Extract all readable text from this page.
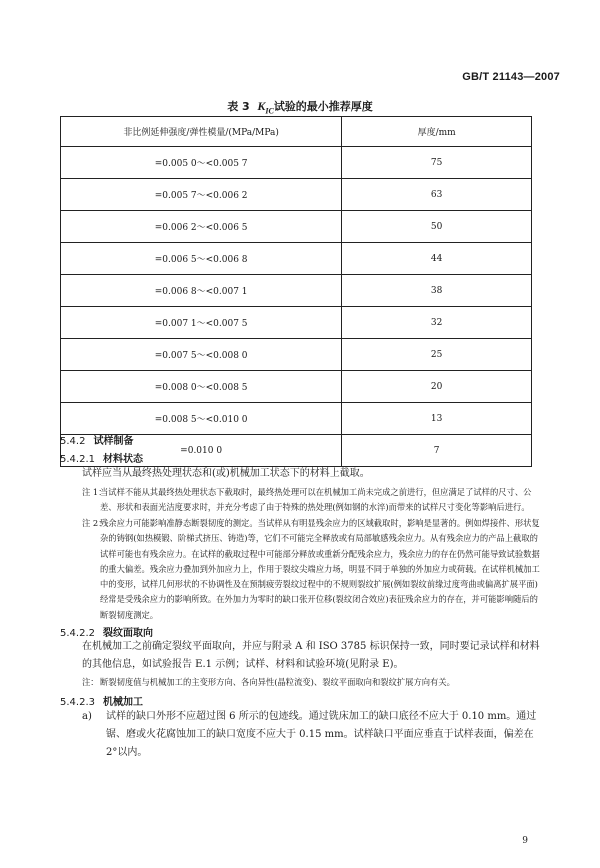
GB/T 21143—2007
表 3 $K_{IC}$试验的最小推荐厚度
非比例延伸强度/弹性模量/(MPa/MPa)	厚度/mm
=0.005 0～<0.005 7	75
=0.005 7～<0.006 2	63
=0.006 2～<0.006 5	50
=0.006 5～<0.006 8	44
=0.006 8～<0.007 1	38
=0.007 1～<0.007 5	32
=0.007 5～<0.008 0	25
=0.008 0～<0.008 5	20
=0.008 5～<0.010 0	13
=0.010 0	7
5.4.2 试样制备
5.4.2.1 材料状态
试样应当从最终热处理状态和(或)机械加工状态下的材料上截取。
注 1：
当试样不能从其最终热处理状态下截取时，最终热处理可以在机械加工尚未完成之前进行，但应满足了试样的尺寸、公差、形状和表面光洁度要求时，并充分考虑了由于特殊的热处理(例如钢的水淬)而带来的试样尺寸变化等影响后进行。
注 2：
残余应力可能影响准静态断裂韧度的测定。当试样从有明显残余应力的区域截取时，影响是显著的。例如焊接件、形状复杂的铸钢(如热模锻、阶梯式挤压、铸造)等，它们不可能完全释放或有局部敏感残余应力。从有残余应力的产品上截取的试样可能也有残余应力。在试样的截取过程中可能部分释放或重新分配残余应力，残余应力的存在仍然可能导致试验数据的重大偏差。残余应力叠加到外加应力上，作用于裂纹尖端应力场，明显不同于单独的外加应力或荷载。在试样机械加工中的变形，试样几何形状的不协调性及在预制疲劳裂纹过程中的不规则裂纹扩展(例如裂纹前缘过度弯曲或偏离扩展平面)经常是受残余应力的影响所致。在外加力为零时的缺口张开位移(裂纹闭合效应)表征残余应力的存在，并可能影响随后的断裂韧度测定。
5.4.2.2 裂纹面取向
在机械加工之前确定裂纹平面取向，并应与附录 A 和 ISO 3785 标识保持一致，同时要记录试样和材料的其他信息，如试验报告 E.1 示例；试样、材料和试验环境(见附录 E)。
注： 断裂韧度值与机械加工的主变形方向、各向异性(晶粒流变)、裂纹平面取向和裂纹扩展方向有关。
5.4.2.3 机械加工
a)	试样的缺口外形不应超过图 6 所示的包迹线。通过铣床加工的缺口底径不应大于 0.10 mm。通过锯、磨或火花腐蚀加工的缺口宽度不应大于 0.15 mm。试样缺口平面应垂直于试样表面，偏差在 2°以内。
9
